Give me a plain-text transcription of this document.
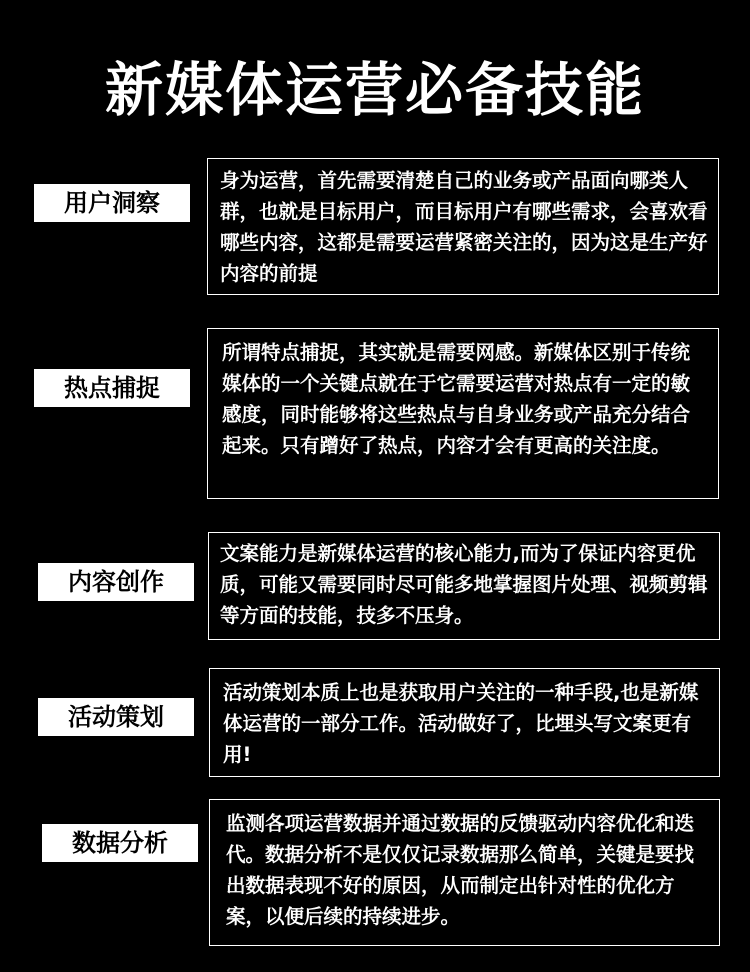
新媒体运营必备技能
用户洞察
身为运营，首先需要清楚自己的业务或产品面向哪类人群，也就是目标用户，而目标用户有哪些需求，会喜欢看哪些内容，这都是需要运营紧密关注的，因为这是生产好内容的前提
热点捕捉
所谓特点捕捉，其实就是需要网感。新媒体区别于传统媒体的一个关键点就在于它需要运营对热点有一定的敏感度，同时能够将这些热点与自身业务或产品充分结合起来。只有蹭好了热点，内容才会有更高的关注度。
内容创作
文案能力是新媒体运营的核心能力,而为了保证内容更优质，可能又需要同时尽可能多地掌握图片处理、视频剪辑等方面的技能，技多不压身。
活动策划
活动策划本质上也是获取用户关注的一种手段,也是新媒体运营的一部分工作。活动做好了，比埋头写文案更有用!
数据分析
监测各项运营数据并通过数据的反馈驱动内容优化和迭代。数据分析不是仅仅记录数据那么简单，关键是要找出数据表现不好的原因，从而制定出针对性的优化方案，以便后续的持续进步。
